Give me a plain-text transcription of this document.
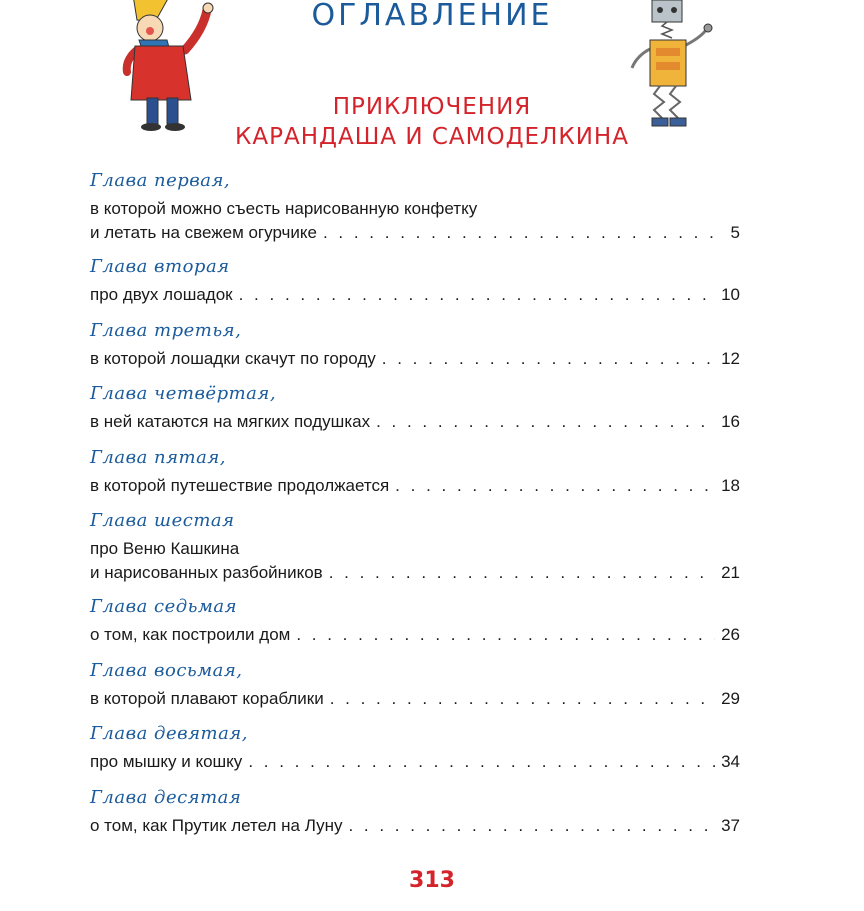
ОГЛАВЛЕНИЕ
ПРИКЛЮЧЕНИЯ
КАРАНДАША И САМОДЕЛКИНА
Глава первая,
в которой можно съесть нарисованную конфетку
и летать на свежем огурчике . . .	5
Глава вторая
про двух лошадок . . .	10
Глава третья,
в которой лошадки скачут по городу . . .	12
Глава четвёртая,
в ней катаются на мягких подушках . . .	16
Глава пятая,
в которой путешествие продолжается . . .	18
Глава шестая
про Веню Кашкина
и нарисованных разбойников . . .	21
Глава седьмая
о том, как построили дом . . .	26
Глава восьмая,
в которой плавают кораблики . . .	29
Глава девятая,
про мышку и кошку . . .	34
Глава десятая
о том, как Прутик летел на Луну . . .	37
313
